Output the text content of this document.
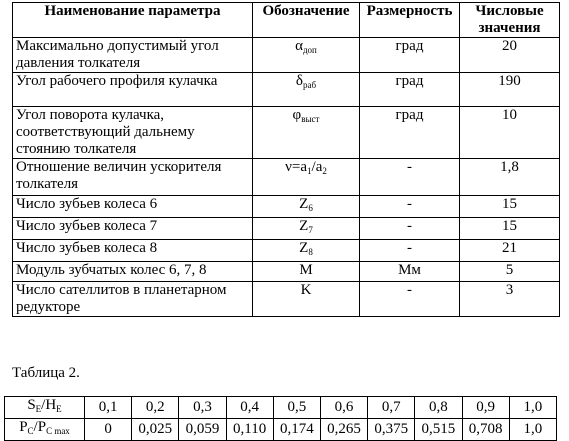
Наименование параметра	Обозначение	Размерность	Числовые значения
Максимально допустимый угол давления толкателя	$\alpha_{доп}$	град	20
Угол рабочего профиля кулачка	$\delta_{раб}$	град	190
Угол поворота кулачка, соответствующий дальнему стоянию толкателя	$\varphi_{выст}$	град	10
Отношение величин ускорителя толкателя	$\nu=a_1/a_2$	-	1,8
Число зубьев колеса 6	$Z_6$	-	15
Число зубьев колеса 7	$Z_7$	-	15
Число зубьев колеса 8	$Z_8$	-	21
Модуль зубчатых колес 6, 7, 8	M	Мм	5
Число сателлитов в планетарном редукторе	K	-	3
Таблица 2.
$S_E/H_E$	0,1	0,2	0,3	0,4	0,5	0,6	0,7	0,8	0,9	1,0
$P_C/P_{C max}$	0	0,025	0,059	0,110	0,174	0,265	0,375	0,515	0,708	1,0
